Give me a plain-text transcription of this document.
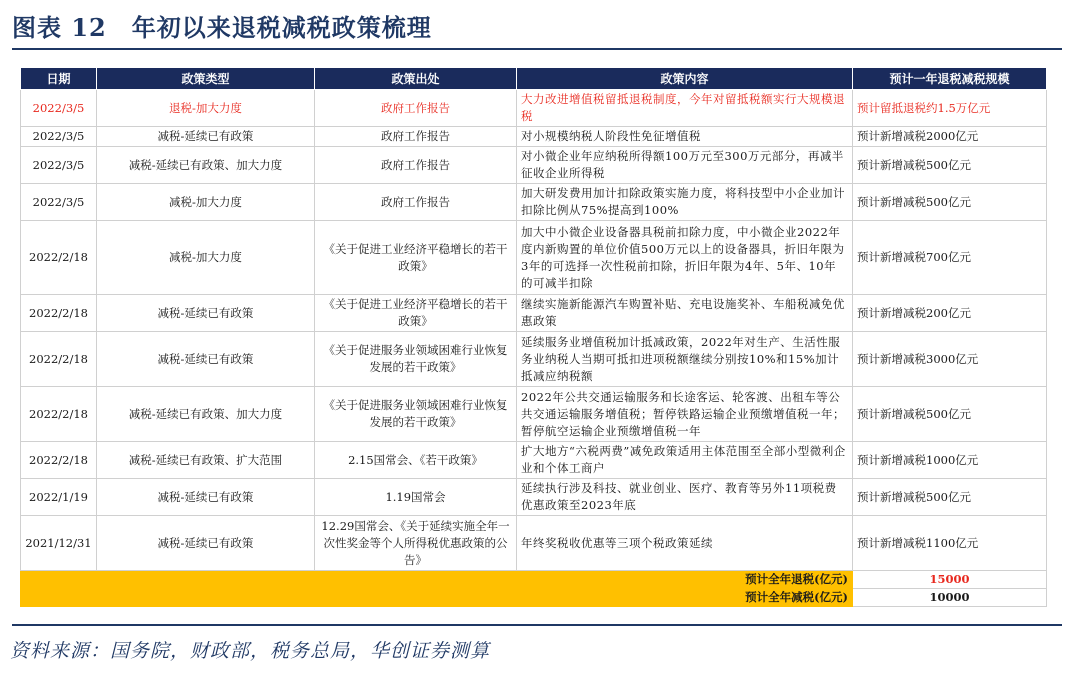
图表 12　年初以来退税减税政策梳理
日期	政策类型	政策出处	政策内容	预计一年退税减税规模
2022/3/5	退税-加大力度	政府工作报告	大力改进增值税留抵退税制度，今年对留抵税额实行大规模退税	预计留抵退税约1.5万亿元
2022/3/5	减税-延续已有政策	政府工作报告	对小规模纳税人阶段性免征增值税	预计新增减税2000亿元
2022/3/5	减税-延续已有政策、加大力度	政府工作报告	对小微企业年应纳税所得额100万元至300万元部分，再减半征收企业所得税	预计新增减税500亿元
2022/3/5	减税-加大力度	政府工作报告	加大研发费用加计扣除政策实施力度，将科技型中小企业加计扣除比例从75%提高到100%	预计新增减税500亿元
2022/2/18	减税-加大力度	《关于促进工业经济平稳增长的若干政策》	加大中小微企业设备器具税前扣除力度，中小微企业2022年度内新购置的单位价值500万元以上的设备器具，折旧年限为3年的可选择一次性税前扣除，折旧年限为4年、5年、10年的可减半扣除	预计新增减税700亿元
2022/2/18	减税-延续已有政策	《关于促进工业经济平稳增长的若干政策》	继续实施新能源汽车购置补贴、充电设施奖补、车船税减免优惠政策	预计新增减税200亿元
2022/2/18	减税-延续已有政策	《关于促进服务业领域困难行业恢复发展的若干政策》	延续服务业增值税加计抵减政策，2022年对生产、生活性服务业纳税人当期可抵扣进项税额继续分别按10%和15%加计抵减应纳税额	预计新增减税3000亿元
2022/2/18	减税-延续已有政策、加大力度	《关于促进服务业领域困难行业恢复发展的若干政策》	2022年公共交通运输服务和长途客运、轮客渡、出租车等公共交通运输服务增值税；暂停铁路运输企业预缴增值税一年；暂停航空运输企业预缴增值税一年	预计新增减税500亿元
2022/2/18	减税-延续已有政策、扩大范围	2.15国常会、《若干政策》	扩大地方“六税两费”减免政策适用主体范围至全部小型微利企业和个体工商户	预计新增减税1000亿元
2022/1/19	减税-延续已有政策	1.19国常会	延续执行涉及科技、就业创业、医疗、教育等另外11项税费优惠政策至2023年底	预计新增减税500亿元
2021/12/31	减税-延续已有政策	12.29国常会、《关于延续实施全年一次性奖金等个人所得税优惠政策的公告》	年终奖税收优惠等三项个税政策延续	预计新增减税1100亿元
预计全年退税(亿元)				15000
预计全年减税(亿元)				10000
资料来源：国务院，财政部，税务总局，华创证券测算
